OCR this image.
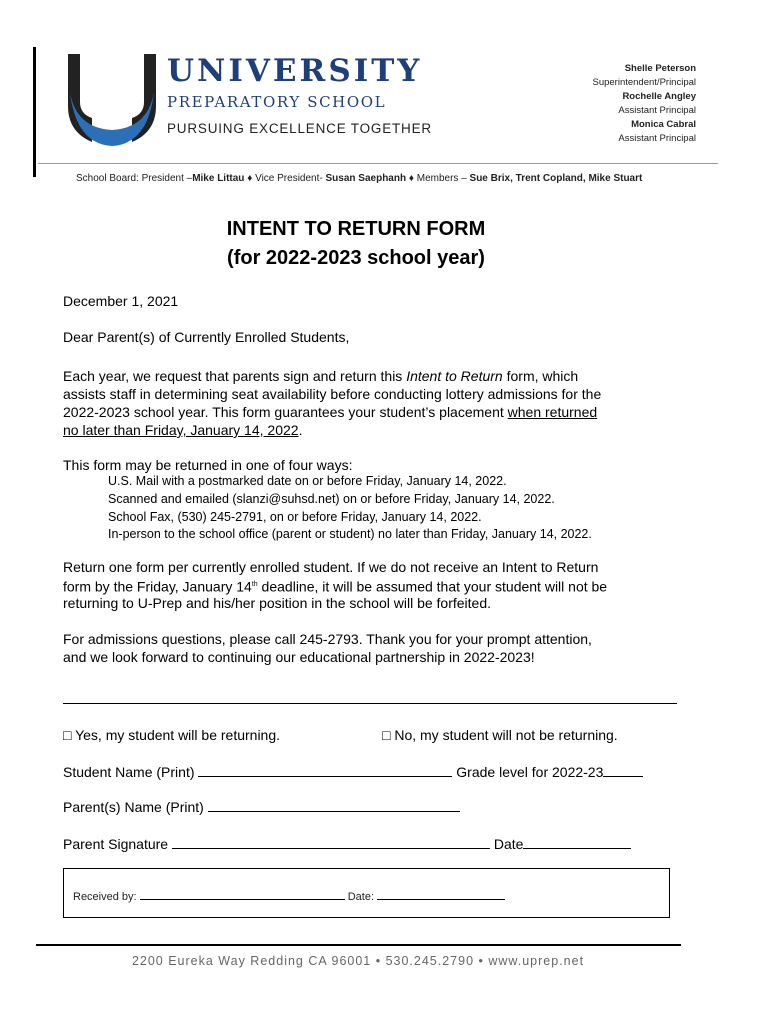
UNIVERSITY
PREPARATORY SCHOOL
PURSUING EXCELLENCE TOGETHER
Shelle Peterson
Superintendent/Principal
Rochelle Angley
Assistant Principal
Monica Cabral
Assistant Principal
School Board: President –Mike Littau ♦ Vice President- Susan Saephanh ♦ Members – Sue Brix, Trent Copland, Mike Stuart
INTENT TO RETURN FORM
(for 2022-2023 school year)
December 1, 2021
Dear Parent(s) of Currently Enrolled Students,
Each year, we request that parents sign and return this Intent to Return form, which
assists staff in determining seat availability before conducting lottery admissions for the
2022-2023 school year. This form guarantees your student’s placement when returned
no later than Friday, January 14, 2022.
This form may be returned in one of four ways:
U.S. Mail with a postmarked date on or before Friday, January 14, 2022.
Scanned and emailed (slanzi@suhsd.net) on or before Friday, January 14, 2022.
School Fax, (530) 245-2791, on or before Friday, January 14, 2022.
In-person to the school office (parent or student) no later than Friday, January 14, 2022.
Return one form per currently enrolled student. If we do not receive an Intent to Return
form by the Friday, January 14th deadline, it will be assumed that your student will not be
returning to U-Prep and his/her position in the school will be forfeited.
For admissions questions, please call 245-2793. Thank you for your prompt attention,
and we look forward to continuing our educational partnership in 2022-2023!
□ Yes, my student will be returning.	□ No, my student will not be returning.
Student Name (Print)	Grade level for 2022-23
Parent(s) Name (Print)
Parent Signature	Date
Received by:	Date:
2200 Eureka Way Redding CA 96001 • 530.245.2790 • www.uprep.net
